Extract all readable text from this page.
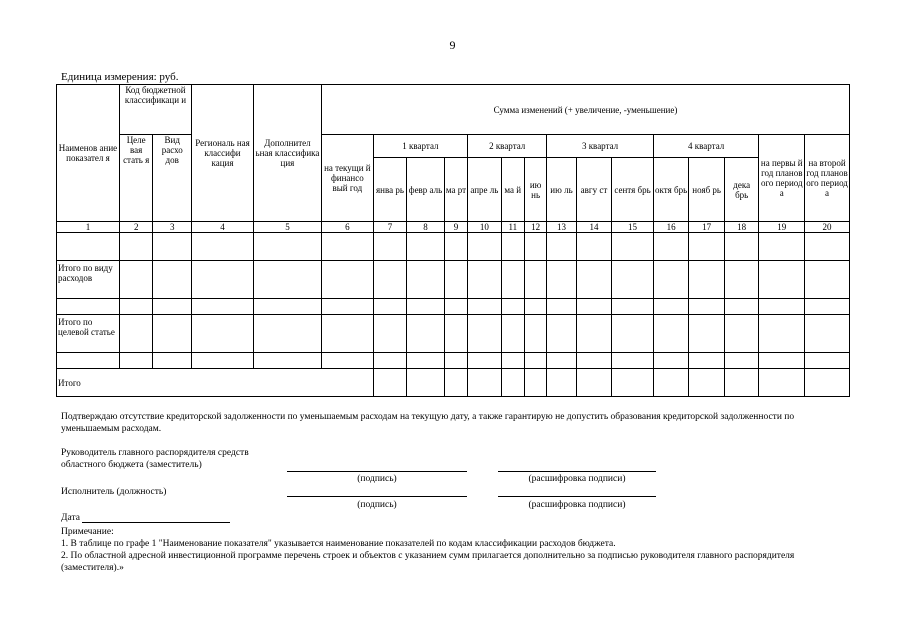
9
Единица измерения: руб.
Наименов ание показател я	Код бюджетной классификаци и		Региональ ная классифи кация	Дополнител ьная классифика ция	Сумма изменений (+ увеличение, -уменьшение)														
	Целе вая стать я	Вид расхо дов			на текущи й финансо вый год	1 квартал			2 квартал			3 квартал			4 квартал			на первы й год планов ого период а	на второй год планов ого период а
						янва рь	февр аль	ма рт	апре ль	ма й	ию нь	ию ль	авгу ст	сентя брь	октя брь	нояб рь	дека брь		
1	2	3	4	5	6	7	8	9	10	11	12	13	14	15	16	17	18	19	20

Итого по виду расходов																			

Итого по целевой статье																			

Итого																			
Подтверждаю отсутствие кредиторской задолженности по уменьшаемым расходам на текущую дату, а также гарантирую не допустить образования кредиторской задолженности по уменьшаемым расходам.
Руководитель главного распорядителя средств
областного бюджета (заместитель)
(подпись)	(расшифровка подписи)
Исполнитель (должность)
(подпись)	(расшифровка подписи)
Дата
Примечание:
1. В таблице по графе 1 "Наименование показателя" указывается наименование показателей по кодам классификации расходов бюджета.
2. По областной адресной инвестиционной программе перечень строек и объектов с указанием сумм прилагается дополнительно за подписью руководителя главного распорядителя (заместителя).»
